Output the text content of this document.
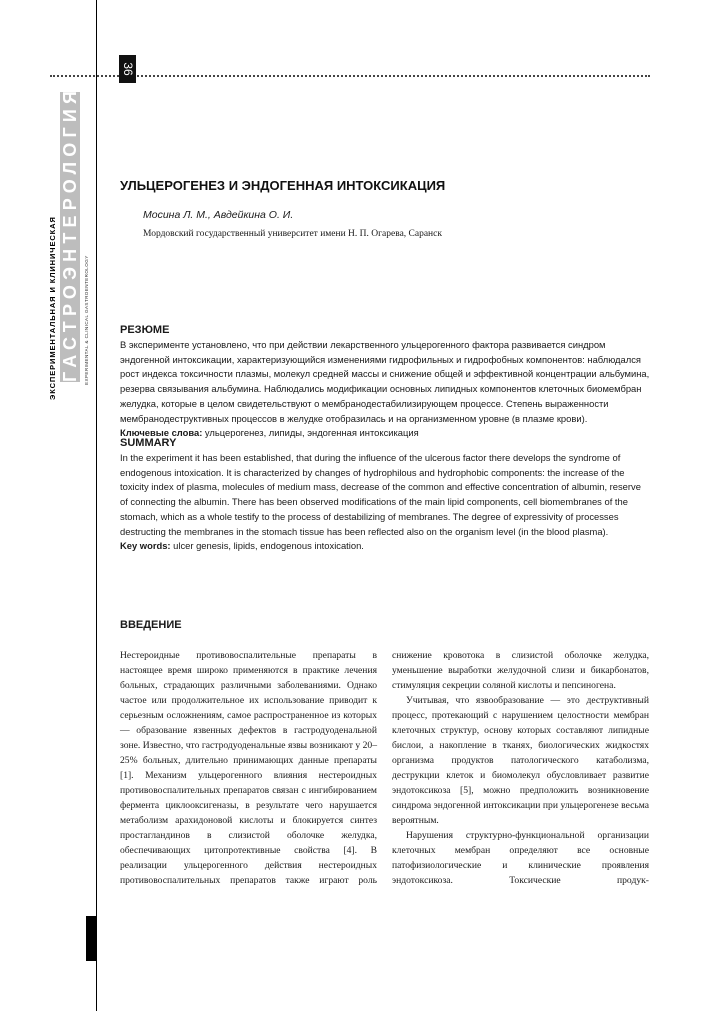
36
ЭКСПЕРИМЕНТАЛЬНАЯ И КЛИНИЧЕСКАЯ ГАСТРОЭНТЕРОЛОГИЯ EXPERIMENTAL & CLINICAL GASTROENTEROLOGY
УЛЬЦЕРОГЕНЕЗ И ЭНДОГЕННАЯ ИНТОКСИКАЦИЯ
Мосина Л. М., Авдейкина О. И.
Мордовский государственный университет имени Н. П. Огарева, Саранск
РЕЗЮМЕ

В эксперименте установлено, что при действии лекарственного ульцерогенного фактора развивается синдром эндогенной интоксикации, характеризующийся изменениями гидрофильных и гидрофобных компонентов: наблюдался рост индекса токсичности плазмы, молекул средней массы и снижение общей и эффективной концентрации альбумина, резерва связывания альбумина. Наблюдались модификации основных липидных компонентов клеточных биомембран желудка, которые в целом свидетельствуют о мембранодестабилизирующем процессе. Степень выраженности мембранодеструктивных процессов в желудке отобразилась и на организменном уровне (в плазме крови).

Ключевые слова: ульцерогенез, липиды, эндогенная интоксикация

SUMMARY

In the experiment it has been established, that during the influence of the ulcerous factor there develops the syndrome of endogenous intoxication. It is characterized by changes of hydrophilous and hydrophobic components: the increase of the toxicity index of plasma, molecules of medium mass, decrease of the common and effective concentration of albumin, reserve of connecting the albumin. There has been observed modifications of the main lipid components, cell biomembranes of the stomach, which as a whole testify to the process of destabilizing of membranes. The degree of expressivity of processes destructing the membranes in the stomach tissue has been reflected also on the organism level (in the blood plasma).

Key words: ulcer genesis, lipids, endogenous intoxication.

ВВЕДЕНИЕ

Нестероидные противовоспалительные препараты в настоящее время широко применяются в практике лечения больных, страдающих различными заболеваниями. Однако частое или продолжительное их использование приводит к серьезным осложнениям, самое распространенное из которых — образование язвенных дефектов в гастродуоденальной зоне. Известно, что гастродуоденальные язвы возникают у 20–25% больных, длительно принимающих данные препараты [1]. Механизм ульцерогенного влияния нестероидных противовоспалительных препаратов связан с ингибированием фермента циклооксигеназы, в результате чего нарушается метаболизм арахидоновой кислоты и блокируется синтез простагландинов в слизистой оболочке желудка, обеспечивающих цитопротективные свойства [4]. В реализации ульцерогенного действия нестероидных противовоспалительных препаратов также играют роль

снижение кровотока в слизистой оболочке желудка, уменьшение выработки желудочной слизи и бикарбонатов, стимуляция секреции соляной кислоты и пепсиногена.

Учитывая, что язвообразование — это деструктивный процесс, протекающий с нарушением целостности мембран клеточных структур, основу которых составляют липидные бислои, а накопление в тканях, биологических жидкостях организма продуктов патологического катаболизма, деструкции клеток и биомолекул обусловливает развитие эндотоксикоза [5], можно предположить возникновение синдрома эндогенной интоксикации при ульцерогенезе весьма вероятным.

Нарушения структурно-функциональной организации клеточных мембран определяют все основные патофизиологические и клинические проявления эндотоксикоза. Токсические продук-
